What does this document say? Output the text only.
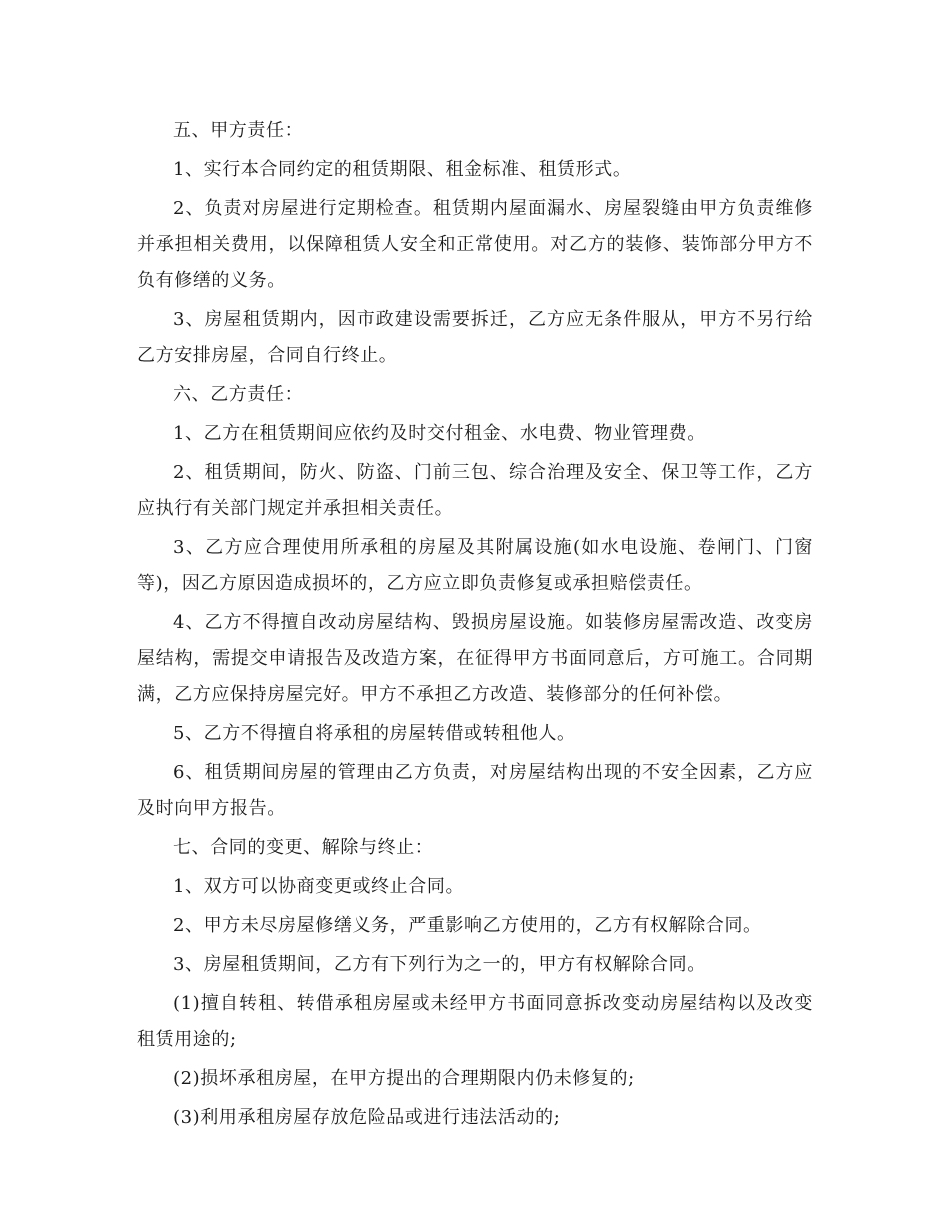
五、甲方责任：

1、实行本合同约定的租赁期限、租金标准、租赁形式。

2、负责对房屋进行定期检查。租赁期内屋面漏水、房屋裂缝由甲方负责维修并承担相关费用，以保障租赁人安全和正常使用。对乙方的装修、装饰部分甲方不负有修缮的义务。

3、房屋租赁期内，因市政建设需要拆迁，乙方应无条件服从，甲方不另行给乙方安排房屋，合同自行终止。

六、乙方责任：

1、乙方在租赁期间应依约及时交付租金、水电费、物业管理费。

2、租赁期间，防火、防盗、门前三包、综合治理及安全、保卫等工作，乙方应执行有关部门规定并承担相关责任。

3、乙方应合理使用所承租的房屋及其附属设施(如水电设施、卷闸门、门窗等)，因乙方原因造成损坏的，乙方应立即负责修复或承担赔偿责任。

4、乙方不得擅自改动房屋结构、毁损房屋设施。如装修房屋需改造、改变房屋结构，需提交申请报告及改造方案，在征得甲方书面同意后，方可施工。合同期满，乙方应保持房屋完好。甲方不承担乙方改造、装修部分的任何补偿。

5、乙方不得擅自将承租的房屋转借或转租他人。

6、租赁期间房屋的管理由乙方负责，对房屋结构出现的不安全因素，乙方应及时向甲方报告。

七、合同的变更、解除与终止：

1、双方可以协商变更或终止合同。

2、甲方未尽房屋修缮义务，严重影响乙方使用的，乙方有权解除合同。

3、房屋租赁期间，乙方有下列行为之一的，甲方有权解除合同。

(1)擅自转租、转借承租房屋或未经甲方书面同意拆改变动房屋结构以及改变租赁用途的;

(2)损坏承租房屋，在甲方提出的合理期限内仍未修复的;

(3)利用承租房屋存放危险品或进行违法活动的;
